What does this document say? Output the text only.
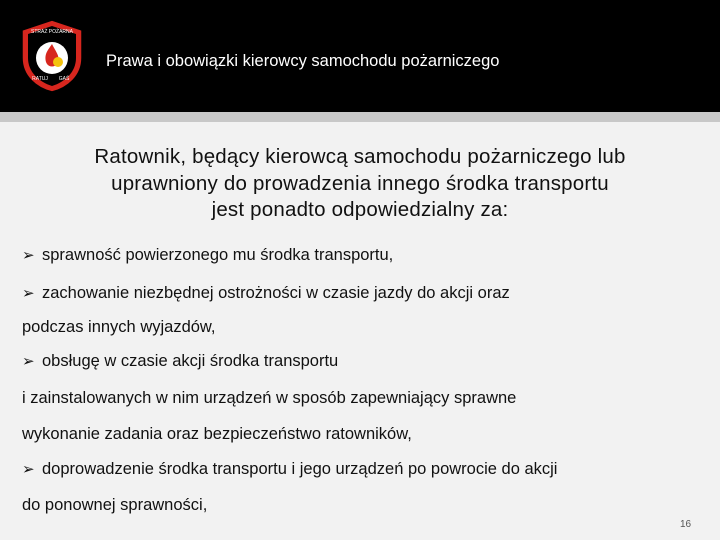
STRAŻ POŻARNA
RATUJ GAŚ
Prawa i obowiązki kierowcy samochodu pożarniczego
Ratownik, będący kierowcą samochodu pożarniczego lub
uprawniony do prowadzenia innego środka transportu
jest ponadto odpowiedzialny za:
➢ sprawność powierzonego mu środka transportu,
➢ zachowanie niezbędnej ostrożności w czasie jazdy do akcji oraz
podczas innych wyjazdów,
➢ obsługę w czasie akcji środka transportu
i zainstalowanych w nim urządzeń w sposób zapewniający sprawne
wykonanie zadania oraz bezpieczeństwo ratowników,
➢ doprowadzenie środka transportu i jego urządzeń po powrocie do akcji
do ponownej sprawności,
16
